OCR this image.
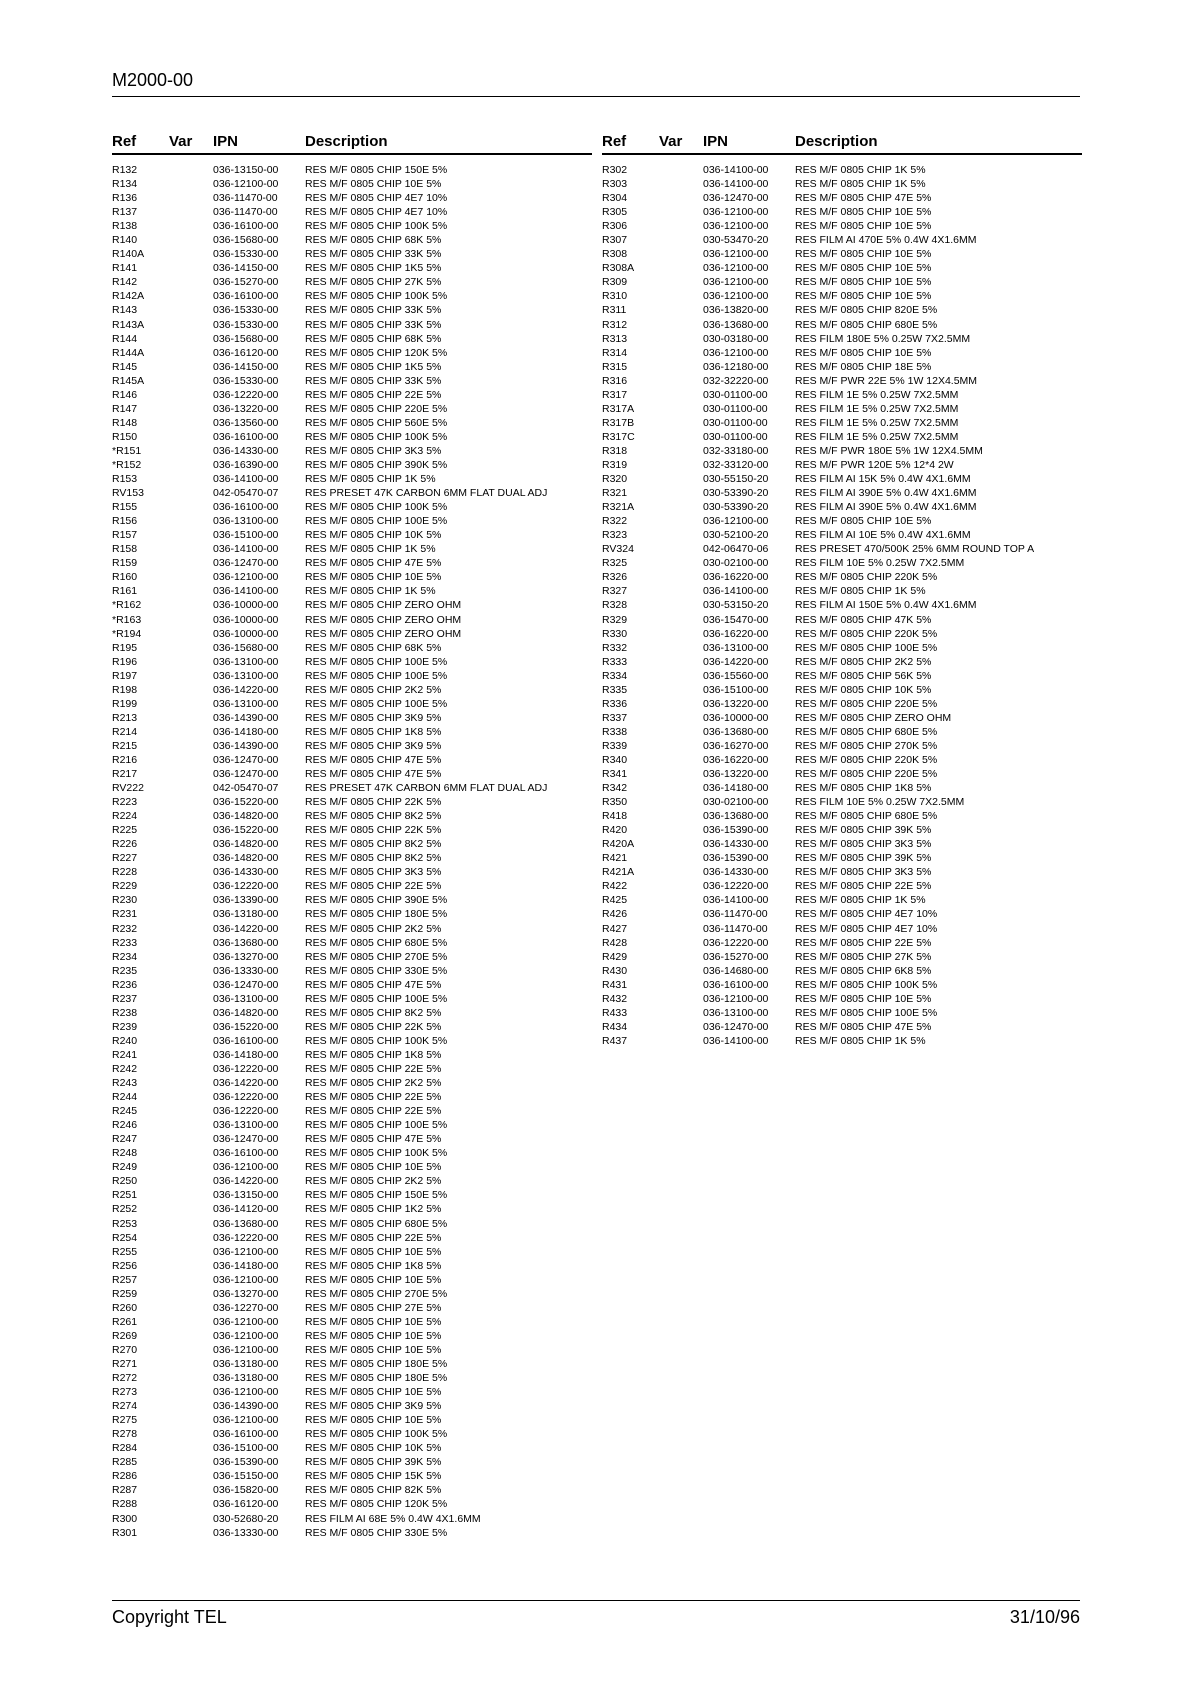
M2000-00
Ref Var IPN	Description
R132	036-13150-00	RES M/F 0805 CHIP 150E 5%
R134	036-12100-00	RES M/F 0805 CHIP 10E 5%
R136	036-11470-00	RES M/F 0805 CHIP 4E7 10%
R137	036-11470-00	RES M/F 0805 CHIP 4E7 10%
R138	036-16100-00	RES M/F 0805 CHIP 100K 5%
R140	036-15680-00	RES M/F 0805 CHIP 68K 5%
R140A	036-15330-00	RES M/F 0805 CHIP 33K 5%
R141	036-14150-00	RES M/F 0805 CHIP 1K5 5%
R142	036-15270-00	RES M/F 0805 CHIP 27K 5%
R142A	036-16100-00	RES M/F 0805 CHIP 100K 5%
R143	036-15330-00	RES M/F 0805 CHIP 33K 5%
R143A	036-15330-00	RES M/F 0805 CHIP 33K 5%
R144	036-15680-00	RES M/F 0805 CHIP 68K 5%
R144A	036-16120-00	RES M/F 0805 CHIP 120K 5%
R145	036-14150-00	RES M/F 0805 CHIP 1K5 5%
R145A	036-15330-00	RES M/F 0805 CHIP 33K 5%
R146	036-12220-00	RES M/F 0805 CHIP 22E 5%
R147	036-13220-00	RES M/F 0805 CHIP 220E 5%
R148	036-13560-00	RES M/F 0805 CHIP 560E 5%
R150	036-16100-00	RES M/F 0805 CHIP 100K 5%
*R151	036-14330-00	RES M/F 0805 CHIP 3K3 5%
*R152	036-16390-00	RES M/F 0805 CHIP 390K 5%
R153	036-14100-00	RES M/F 0805 CHIP 1K 5%
RV153	042-05470-07	RES PRESET 47K CARBON 6MM FLAT DUAL ADJ
R155	036-16100-00	RES M/F 0805 CHIP 100K 5%
R156	036-13100-00	RES M/F 0805 CHIP 100E 5%
R157	036-15100-00	RES M/F 0805 CHIP 10K 5%
R158	036-14100-00	RES M/F 0805 CHIP 1K 5%
R159	036-12470-00	RES M/F 0805 CHIP 47E 5%
R160	036-12100-00	RES M/F 0805 CHIP 10E 5%
R161	036-14100-00	RES M/F 0805 CHIP 1K 5%
*R162	036-10000-00	RES M/F 0805 CHIP ZERO OHM
*R163	036-10000-00	RES M/F 0805 CHIP ZERO OHM
*R194	036-10000-00	RES M/F 0805 CHIP ZERO OHM
R195	036-15680-00	RES M/F 0805 CHIP 68K 5%
R196	036-13100-00	RES M/F 0805 CHIP 100E 5%
R197	036-13100-00	RES M/F 0805 CHIP 100E 5%
R198	036-14220-00	RES M/F 0805 CHIP 2K2 5%
R199	036-13100-00	RES M/F 0805 CHIP 100E 5%
R213	036-14390-00	RES M/F 0805 CHIP 3K9 5%
R214	036-14180-00	RES M/F 0805 CHIP 1K8 5%
R215	036-14390-00	RES M/F 0805 CHIP 3K9 5%
R216	036-12470-00	RES M/F 0805 CHIP 47E 5%
R217	036-12470-00	RES M/F 0805 CHIP 47E 5%
RV222	042-05470-07	RES PRESET 47K CARBON 6MM FLAT DUAL ADJ
R223	036-15220-00	RES M/F 0805 CHIP 22K 5%
R224	036-14820-00	RES M/F 0805 CHIP 8K2 5%
R225	036-15220-00	RES M/F 0805 CHIP 22K 5%
R226	036-14820-00	RES M/F 0805 CHIP 8K2 5%
R227	036-14820-00	RES M/F 0805 CHIP 8K2 5%
R228	036-14330-00	RES M/F 0805 CHIP 3K3 5%
R229	036-12220-00	RES M/F 0805 CHIP 22E 5%
R230	036-13390-00	RES M/F 0805 CHIP 390E 5%
R231	036-13180-00	RES M/F 0805 CHIP 180E 5%
R232	036-14220-00	RES M/F 0805 CHIP 2K2 5%
R233	036-13680-00	RES M/F 0805 CHIP 680E 5%
R234	036-13270-00	RES M/F 0805 CHIP 270E 5%
R235	036-13330-00	RES M/F 0805 CHIP 330E 5%
R236	036-12470-00	RES M/F 0805 CHIP 47E 5%
R237	036-13100-00	RES M/F 0805 CHIP 100E 5%
R238	036-14820-00	RES M/F 0805 CHIP 8K2 5%
R239	036-15220-00	RES M/F 0805 CHIP 22K 5%
R240	036-16100-00	RES M/F 0805 CHIP 100K 5%
R241	036-14180-00	RES M/F 0805 CHIP 1K8 5%
R242	036-12220-00	RES M/F 0805 CHIP 22E 5%
R243	036-14220-00	RES M/F 0805 CHIP 2K2 5%
R244	036-12220-00	RES M/F 0805 CHIP 22E 5%
R245	036-12220-00	RES M/F 0805 CHIP 22E 5%
R246	036-13100-00	RES M/F 0805 CHIP 100E 5%
R247	036-12470-00	RES M/F 0805 CHIP 47E 5%
R248	036-16100-00	RES M/F 0805 CHIP 100K 5%
R249	036-12100-00	RES M/F 0805 CHIP 10E 5%
R250	036-14220-00	RES M/F 0805 CHIP 2K2 5%
R251	036-13150-00	RES M/F 0805 CHIP 150E 5%
R252	036-14120-00	RES M/F 0805 CHIP 1K2 5%
R253	036-13680-00	RES M/F 0805 CHIP 680E 5%
R254	036-12220-00	RES M/F 0805 CHIP 22E 5%
R255	036-12100-00	RES M/F 0805 CHIP 10E 5%
R256	036-14180-00	RES M/F 0805 CHIP 1K8 5%
R257	036-12100-00	RES M/F 0805 CHIP 10E 5%
R259	036-13270-00	RES M/F 0805 CHIP 270E 5%
R260	036-12270-00	RES M/F 0805 CHIP 27E 5%
R261	036-12100-00	RES M/F 0805 CHIP 10E 5%
R269	036-12100-00	RES M/F 0805 CHIP 10E 5%
R270	036-12100-00	RES M/F 0805 CHIP 10E 5%
R271	036-13180-00	RES M/F 0805 CHIP 180E 5%
R272	036-13180-00	RES M/F 0805 CHIP 180E 5%
R273	036-12100-00	RES M/F 0805 CHIP 10E 5%
R274	036-14390-00	RES M/F 0805 CHIP 3K9 5%
R275	036-12100-00	RES M/F 0805 CHIP 10E 5%
R278	036-16100-00	RES M/F 0805 CHIP 100K 5%
R284	036-15100-00	RES M/F 0805 CHIP 10K 5%
R285	036-15390-00	RES M/F 0805 CHIP 39K 5%
R286	036-15150-00	RES M/F 0805 CHIP 15K 5%
R287	036-15820-00	RES M/F 0805 CHIP 82K 5%
R288	036-16120-00	RES M/F 0805 CHIP 120K 5%
R300	030-52680-20	RES FILM AI 68E 5% 0.4W 4X1.6MM
R301	036-13330-00	RES M/F 0805 CHIP 330E 5%
Ref Var IPN	Description
R302	036-14100-00	RES M/F 0805 CHIP 1K 5%
R303	036-14100-00	RES M/F 0805 CHIP 1K 5%
R304	036-12470-00	RES M/F 0805 CHIP 47E 5%
R305	036-12100-00	RES M/F 0805 CHIP 10E 5%
R306	036-12100-00	RES M/F 0805 CHIP 10E 5%
R307	030-53470-20	RES FILM AI 470E 5% 0.4W 4X1.6MM
R308	036-12100-00	RES M/F 0805 CHIP 10E 5%
R308A	036-12100-00	RES M/F 0805 CHIP 10E 5%
R309	036-12100-00	RES M/F 0805 CHIP 10E 5%
R310	036-12100-00	RES M/F 0805 CHIP 10E 5%
R311	036-13820-00	RES M/F 0805 CHIP 820E 5%
R312	036-13680-00	RES M/F 0805 CHIP 680E 5%
R313	030-03180-00	RES FILM 180E 5% 0.25W 7X2.5MM
R314	036-12100-00	RES M/F 0805 CHIP 10E 5%
R315	036-12180-00	RES M/F 0805 CHIP 18E 5%
R316	032-32220-00	RES M/F PWR 22E 5% 1W 12X4.5MM
R317	030-01100-00	RES FILM 1E 5% 0.25W 7X2.5MM
R317A	030-01100-00	RES FILM 1E 5% 0.25W 7X2.5MM
R317B	030-01100-00	RES FILM 1E 5% 0.25W 7X2.5MM
R317C	030-01100-00	RES FILM 1E 5% 0.25W 7X2.5MM
R318	032-33180-00	RES M/F PWR 180E 5% 1W 12X4.5MM
R319	032-33120-00	RES M/F PWR 120E 5% 12*4 2W
R320	030-55150-20	RES FILM AI 15K 5% 0.4W 4X1.6MM
R321	030-53390-20	RES FILM AI 390E 5% 0.4W 4X1.6MM
R321A	030-53390-20	RES FILM AI 390E 5% 0.4W 4X1.6MM
R322	036-12100-00	RES M/F 0805 CHIP 10E 5%
R323	030-52100-20	RES FILM AI 10E 5% 0.4W 4X1.6MM
RV324	042-06470-06	RES PRESET 470/500K 25% 6MM ROUND TOP A
R325	030-02100-00	RES FILM 10E 5% 0.25W 7X2.5MM
R326	036-16220-00	RES M/F 0805 CHIP 220K 5%
R327	036-14100-00	RES M/F 0805 CHIP 1K 5%
R328	030-53150-20	RES FILM AI 150E 5% 0.4W 4X1.6MM
R329	036-15470-00	RES M/F 0805 CHIP 47K 5%
R330	036-16220-00	RES M/F 0805 CHIP 220K 5%
R332	036-13100-00	RES M/F 0805 CHIP 100E 5%
R333	036-14220-00	RES M/F 0805 CHIP 2K2 5%
R334	036-15560-00	RES M/F 0805 CHIP 56K 5%
R335	036-15100-00	RES M/F 0805 CHIP 10K 5%
R336	036-13220-00	RES M/F 0805 CHIP 220E 5%
R337	036-10000-00	RES M/F 0805 CHIP ZERO OHM
R338	036-13680-00	RES M/F 0805 CHIP 680E 5%
R339	036-16270-00	RES M/F 0805 CHIP 270K 5%
R340	036-16220-00	RES M/F 0805 CHIP 220K 5%
R341	036-13220-00	RES M/F 0805 CHIP 220E 5%
R342	036-14180-00	RES M/F 0805 CHIP 1K8 5%
R350	030-02100-00	RES FILM 10E 5% 0.25W 7X2.5MM
R418	036-13680-00	RES M/F 0805 CHIP 680E 5%
R420	036-15390-00	RES M/F 0805 CHIP 39K 5%
R420A	036-14330-00	RES M/F 0805 CHIP 3K3 5%
R421	036-15390-00	RES M/F 0805 CHIP 39K 5%
R421A	036-14330-00	RES M/F 0805 CHIP 3K3 5%
R422	036-12220-00	RES M/F 0805 CHIP 22E 5%
R425	036-14100-00	RES M/F 0805 CHIP 1K 5%
R426	036-11470-00	RES M/F 0805 CHIP 4E7 10%
R427	036-11470-00	RES M/F 0805 CHIP 4E7 10%
R428	036-12220-00	RES M/F 0805 CHIP 22E 5%
R429	036-15270-00	RES M/F 0805 CHIP 27K 5%
R430	036-14680-00	RES M/F 0805 CHIP 6K8 5%
R431	036-16100-00	RES M/F 0805 CHIP 100K 5%
R432	036-12100-00	RES M/F 0805 CHIP 10E 5%
R433	036-13100-00	RES M/F 0805 CHIP 100E 5%
R434	036-12470-00	RES M/F 0805 CHIP 47E 5%
R437	036-14100-00	RES M/F 0805 CHIP 1K 5%
Copyright TEL	31/10/96
